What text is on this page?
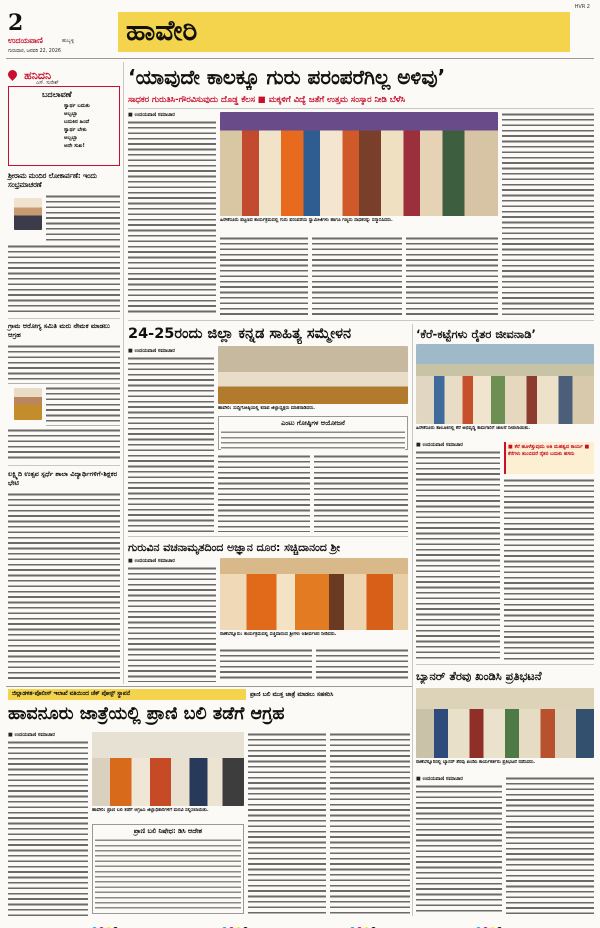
2
ಉದಯವಾಣಿ	ಹುಬ್ಬಳ್ಳಿ
ಗುರುವಾರ, ಜನವರಿ 22, 2026
ಹಾವೇರಿ
HVR 2
ಹನಿದನಿ
ಎಸ್. ಸುರೇಶ್
ಬದಲಾವಣೆ
ಸ್ವಾರ್ಥ ಬದುಕು
ಅಬ್ಬಬ್ಬಾ
ಬದುಕಿನ ಹಿಂದೆ
ಸ್ವಾರ್ಥ ಬೇಕು
ಅಬ್ಬಬ್ಬಾ
ಅದೇ ಸುಖ!
ಶ್ರೀರಾಮ ಮಂದಿರ ಲೋಕಾರ್ಪಣೆ: ಇಂದು ಸಂಭ್ರಮಾಚರಣೆ
ಗ್ರಾಮ ಆರೋಗ್ಯ ಸಮಿತಿ ಮರು ನೇಮಕ ಮಾಡಲು ಆಗ್ರಹ
ಲಕ್ಷ್ಮಿದಿ ಉತ್ಸವ ಸ್ಪರ್ಧೆ ಶಾಲಾ ವಿದ್ಯಾರ್ಥಿಗಳಿಗೆ-ಶಿಕ್ಷಕರ ಭೇಟಿ
‘ಯಾವುದೇ ಕಾಲಕ್ಕೂ ಗುರು ಪರಂಪರೆಗಿಲ್ಲ ಅಳಿವು’
ಸಾಧಕರ ಗುರುತಿಸಿ-ಗೌರವಿಸುವುದು ದೊಡ್ಡ ಕೆಲಸ ■ ಮಕ್ಕಳಿಗೆ ವಿದ್ಯೆ ಜತೆಗೆ ಉತ್ತಮ ಸಂಸ್ಕಾರ ನೀಡಿ ಬೆಳೆಸಿ
■ ಉದಯವಾಣಿ ಸಮಾಚಾರ
ಹಿರೇಕೆರೂರು ಪಟ್ಟಣದ ಕಾರ್ಯಕ್ರಮದಲ್ಲಿ ಗುರು ಪರಂಪರೆಯ ಸ್ವಾಮೀಜಿಗಳು ಹಾಗೂ ಗಣ್ಯರು ಸಾಧಕರನ್ನು ಸನ್ಮಾನಿಸಿದರು.
24-25ರಂದು ಜಿಲ್ಲಾ ಕನ್ನಡ ಸಾಹಿತ್ಯ ಸಮ್ಮೇಳನ
■ ಉದಯವಾಣಿ ಸಮಾಚಾರ
ಹಾವೇರಿ: ಸುದ್ದಿಗೋಷ್ಠಿಯಲ್ಲಿ ಕಸಾಪ ಜಿಲ್ಲಾಧ್ಯಕ್ಷರು ಮಾತನಾಡಿದರು.
ಎಂಟು ಗೋಷ್ಠಿಗಳ ಆಯೋಜನೆ
‘ಕೆರೆ-ಕಟ್ಟೆಗಳು ರೈತರ ಜೀವನಾಡಿ’
ಹಿರೇಕೆರೂರು ತಾಲೂಕಿನಲ್ಲಿ ಕೆರೆ ಅಭಿವೃದ್ಧಿ ಕಾಮಗಾರಿಗೆ ಚಾಲನೆ ನೀಡಲಾಯಿತು.
■ ಉದಯವಾಣಿ ಸಮಾಚಾರ	■ ಕೆರೆ ಹೂಳೆತ್ತುವುದು ಅತಿ ಮಹತ್ವದ ಕಾರ್ಯ ■ ಕೆರೆಗಳು ತುಂಬಿದರೆ ರೈತರ ಬದುಕು ಹಸನು
ಗುರುವಿನ ವಚನಾಮೃತದಿಂದ ಅಜ್ಞಾನ ದೂರ: ಸಚ್ಚಿದಾನಂದ ಶ್ರೀ
■ ಉದಯವಾಣಿ ಸಮಾಚಾರ
ರಾಣೆಬೆನ್ನೂರು: ಕಾರ್ಯಕ್ರಮದಲ್ಲಿ ಸಚ್ಚಿದಾನಂದ ಶ್ರೀಗಳು ಆಶೀರ್ವಚನ ನೀಡಿದರು.
ಬ್ಯಾನರ್ ತೆರವು ಖಂಡಿಸಿ ಪ್ರತಿಭಟನೆ
ರಾಣೆಬೆನ್ನೂರಿನಲ್ಲಿ ಬ್ಯಾನರ್ ತೆರವು ಖಂಡಿಸಿ ಕಾರ್ಯಕರ್ತರು ಪ್ರತಿಭಟನೆ ನಡೆಸಿದರು.
■ ಉದಯವಾಣಿ ಸಮಾಚಾರ
ಜಿಲ್ಲಾಡಳಿತ-ಪೊಲೀಸ್ ಇಲಾಖೆ ವತಿಯಿಂದ ಚೆಕ್ ಪೋಸ್ಟ್ ಸ್ಥಾಪನೆ	ಪ್ರಾಣಿ ಬಲಿ ಮುಕ್ತ ಜಾತ್ರೆ ಮಾಡಲು ಸಹಕರಿಸಿ
ಹಾವನೂರು ಜಾತ್ರೆಯಲ್ಲಿ ಪ್ರಾಣಿ ಬಲಿ ತಡೆಗೆ ಆಗ್ರಹ
■ ಉದಯವಾಣಿ ಸಮಾಚಾರ
ಹಾವೇರಿ: ಪ್ರಾಣಿ ಬಲಿ ತಡೆಗೆ ಆಗ್ರಹಿಸಿ ಜಿಲ್ಲಾಧಿಕಾರಿಗಳಿಗೆ ಮನವಿ ಸಲ್ಲಿಸಲಾಯಿತು.
ಪ್ರಾಣಿ ಬಲಿ ನಿಷೇಧ: ಡಿಸಿ ಆದೇಶ
